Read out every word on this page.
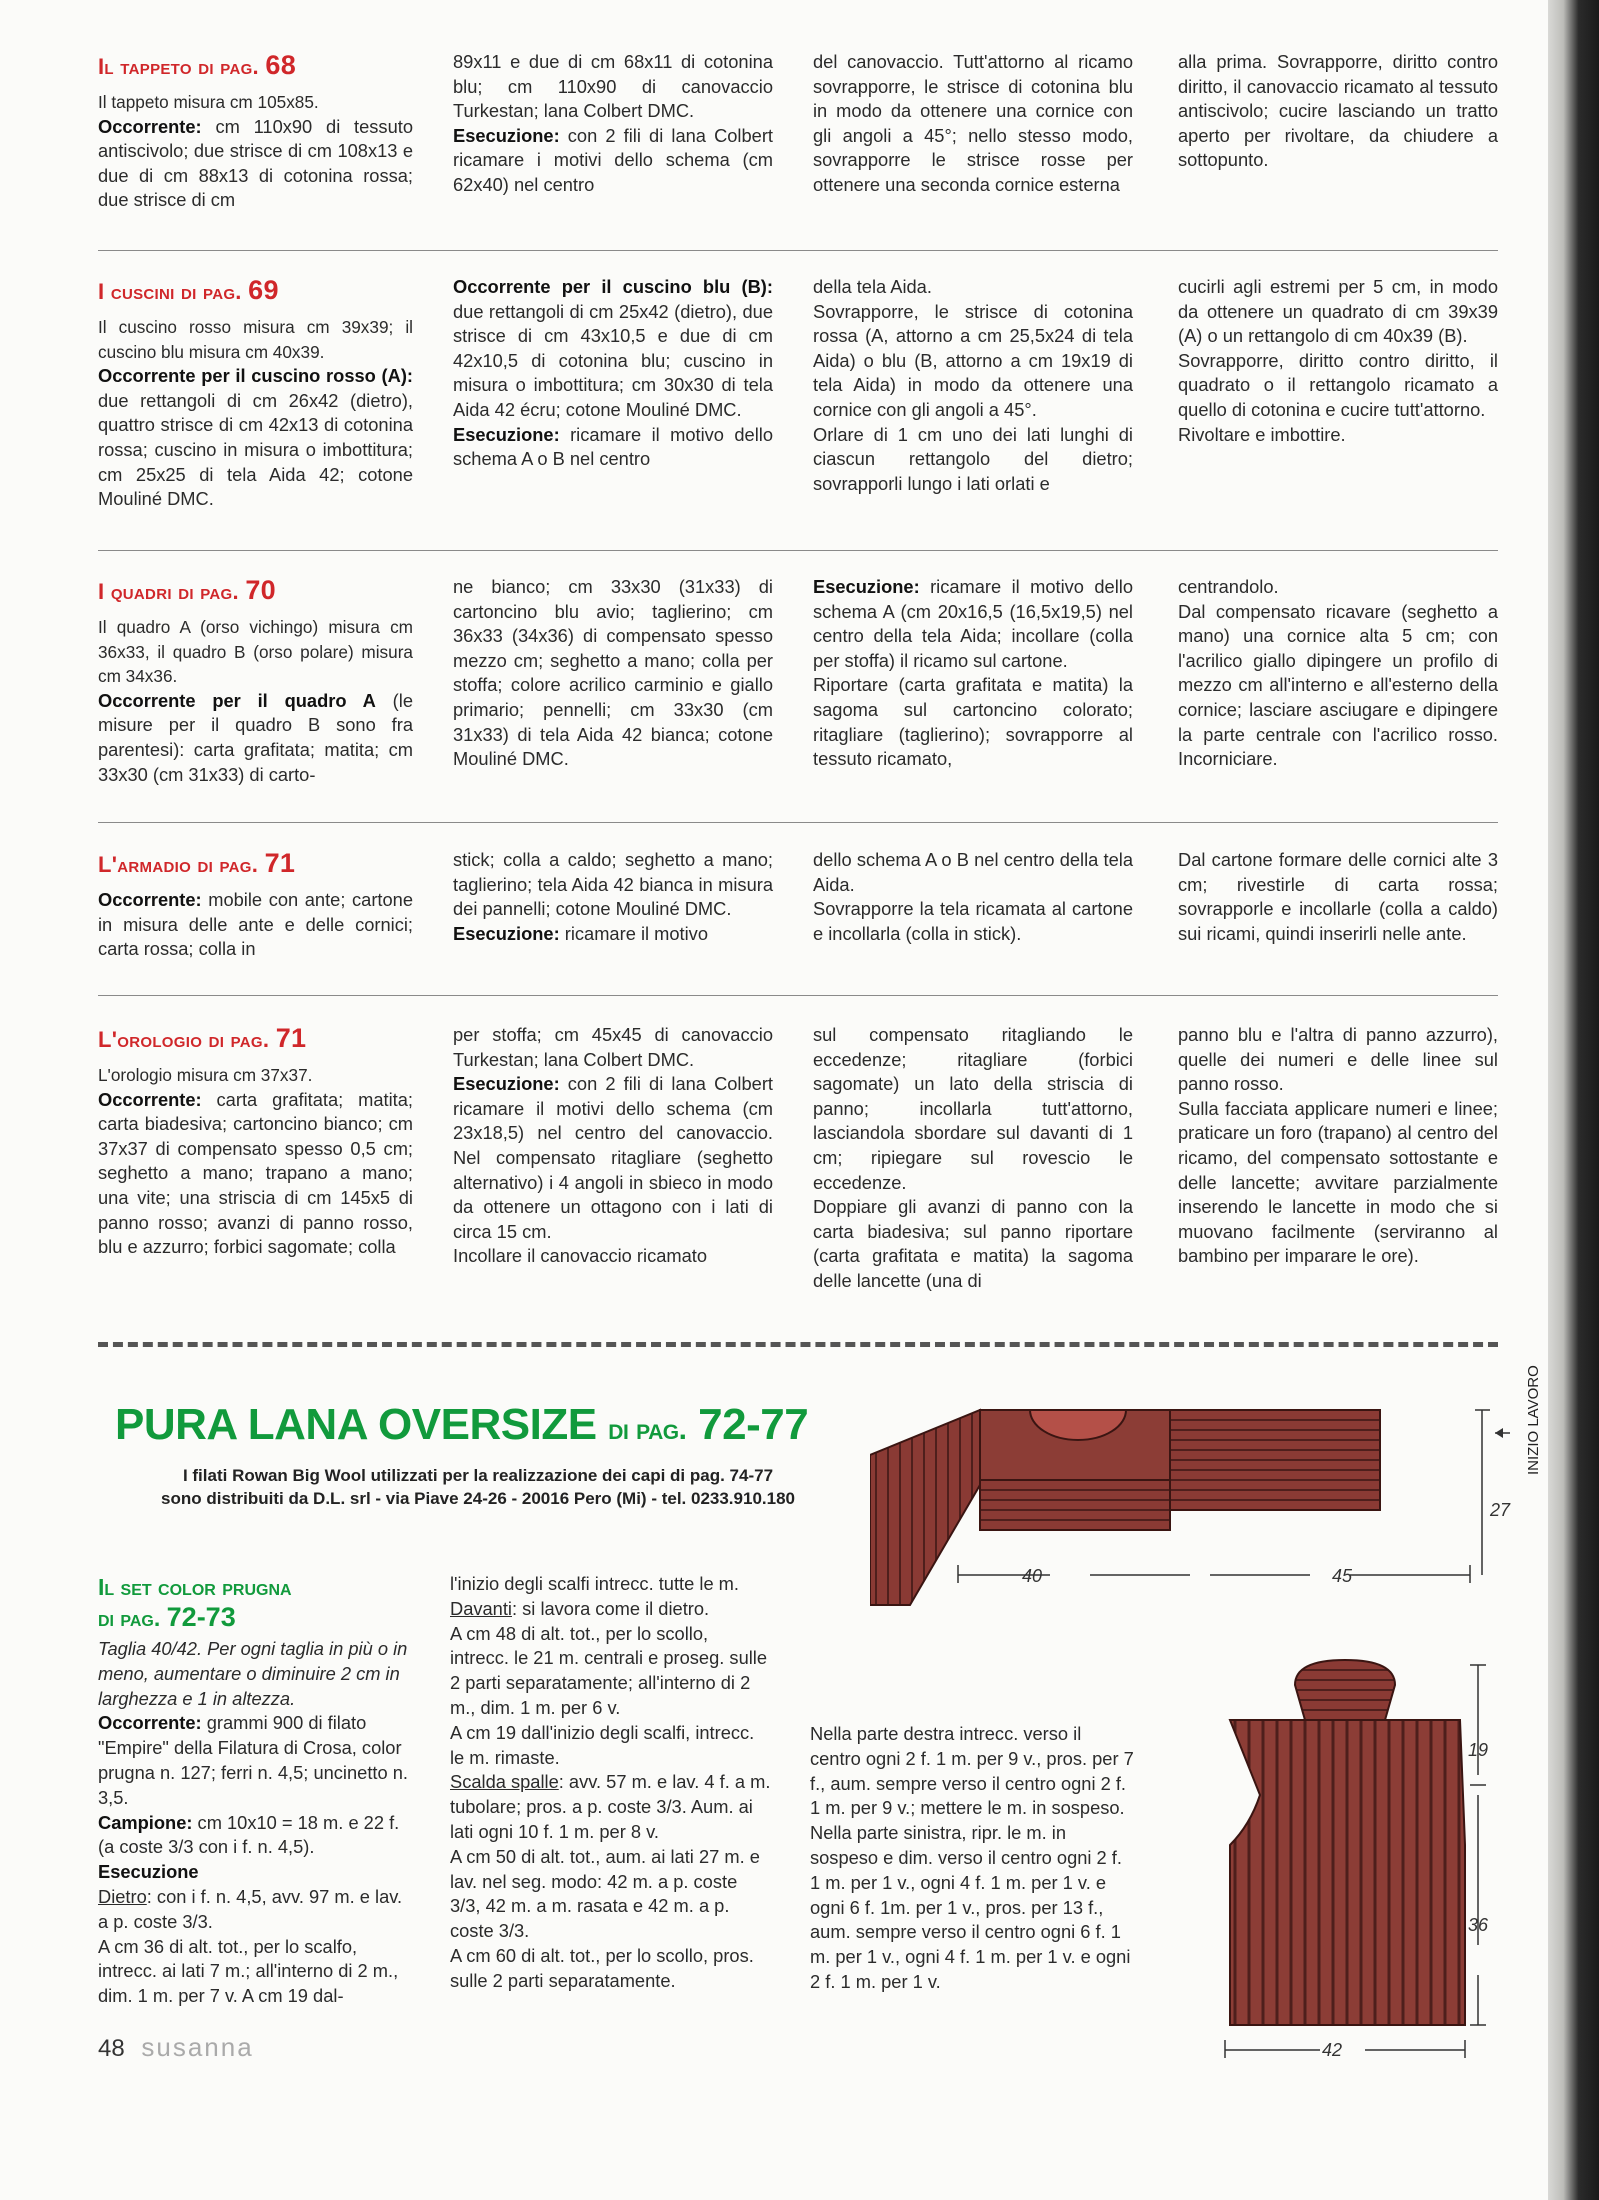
Il tappeto di pag. 68

Il tappeto misura cm 105x85.

Occorrente: cm 110x90 di tessuto antiscivolo; due strisce di cm 108x13 e due di cm 88x13 di cotonina rossa; due strisce di cm

89x11 e due di cm 68x11 di cotonina blu; cm 110x90 di canovaccio Turkestan; lana Colbert DMC.

Esecuzione: con 2 fili di lana Colbert ricamare i motivi dello schema (cm 62x40) nel centro

del canovaccio. Tutt'attorno al ricamo sovrapporre, le strisce di cotonina blu in modo da ottenere una cornice con gli angoli a 45°; nello stesso modo, sovrapporre le strisce rosse per ottenere una seconda cornice esterna

alla prima. Sovrapporre, diritto contro diritto, il canovaccio ricamato al tessuto antiscivolo; cucire lasciando un tratto aperto per rivoltare, da chiudere a sottopunto.

I cuscini di pag. 69

Il cuscino rosso misura cm 39x39; il cuscino blu misura cm 40x39.

Occorrente per il cuscino rosso (A): due rettangoli di cm 26x42 (dietro), quattro strisce di cm 42x13 di cotonina rossa; cuscino in misura o imbottitura; cm 25x25 di tela Aida 42; cotone Mouliné DMC.

Occorrente per il cuscino blu (B): due rettangoli di cm 25x42 (dietro), due strisce di cm 43x10,5 e due di cm 42x10,5 di cotonina blu; cuscino in misura o imbottitura; cm 30x30 di tela Aida 42 écru; cotone Mouliné DMC.

Esecuzione: ricamare il motivo dello schema A o B nel centro

della tela Aida.

Sovrapporre, le strisce di cotonina rossa (A, attorno a cm 25,5x24 di tela Aida) o blu (B, attorno a cm 19x19 di tela Aida) in modo da ottenere una cornice con gli angoli a 45°.

Orlare di 1 cm uno dei lati lunghi di ciascun rettangolo del dietro; sovrapporli lungo i lati orlati e

cucirli agli estremi per 5 cm, in modo da ottenere un quadrato di cm 39x39 (A) o un rettangolo di cm 40x39 (B).

Sovrapporre, diritto contro diritto, il quadrato o il rettangolo ricamato a quello di cotonina e cucire tutt'attorno.

Rivoltare e imbottire.

I quadri di pag. 70

Il quadro A (orso vichingo) misura cm 36x33, il quadro B (orso polare) misura cm 34x36.

Occorrente per il quadro A (le misure per il quadro B sono fra parentesi): carta grafitata; matita; cm 33x30 (cm 31x33) di carto-

ne bianco; cm 33x30 (31x33) di cartoncino blu avio; taglierino; cm 36x33 (34x36) di compensato spesso mezzo cm; seghetto a mano; colla per stoffa; colore acrilico carminio e giallo primario; pennelli; cm 33x30 (cm 31x33) di tela Aida 42 bianca; cotone Mouliné DMC.

Esecuzione: ricamare il motivo dello schema A (cm 20x16,5 (16,5x19,5) nel centro della tela Aida; incollare (colla per stoffa) il ricamo sul cartone.

Riportare (carta grafitata e matita) la sagoma sul cartoncino colorato; ritagliare (taglierino); sovrapporre al tessuto ricamato,

centrandolo.

Dal compensato ricavare (seghetto a mano) una cornice alta 5 cm; con l'acrilico giallo dipingere un profilo di mezzo cm all'interno e all'esterno della cornice; lasciare asciugare e dipingere la parte centrale con l'acrilico rosso. Incorniciare.

L'armadio di pag. 71

Occorrente: mobile con ante; cartone in misura delle ante e delle cornici; carta rossa; colla in

stick; colla a caldo; seghetto a mano; taglierino; tela Aida 42 bianca in misura dei pannelli; cotone Mouliné DMC.

Esecuzione: ricamare il motivo

dello schema A o B nel centro della tela Aida.

Sovrapporre la tela ricamata al cartone e incollarla (colla in stick).

Dal cartone formare delle cornici alte 3 cm; rivestirle di carta rossa; sovrapporle e incollarle (colla a caldo) sui ricami, quindi inserirli nelle ante.

L'orologio di pag. 71

L'orologio misura cm 37x37.

Occorrente: carta grafitata; matita; carta biadesiva; cartoncino bianco; cm 37x37 di compensato spesso 0,5 cm; seghetto a mano; trapano a mano; una vite; una striscia di cm 145x5 di panno rosso; avanzi di panno rosso, blu e azzurro; forbici sagomate; colla

per stoffa; cm 45x45 di canovaccio Turkestan; lana Colbert DMC.

Esecuzione: con 2 fili di lana Colbert ricamare il motivi dello schema (cm 23x18,5) nel centro del canovaccio. Nel compensato ritagliare (seghetto alternativo) i 4 angoli in sbieco in modo da ottenere un ottagono con i lati di circa 15 cm.

Incollare il canovaccio ricamato

sul compensato ritagliando le eccedenze; ritagliare (forbici sagomate) un lato della striscia di panno; incollarla tutt'attorno, lasciandola sbordare sul davanti di 1 cm; ripiegare sul rovescio le eccedenze.

Doppiare gli avanzi di panno con la carta biadesiva; sul panno riportare (carta grafitata e matita) la sagoma delle lancette (una di

panno blu e l'altra di panno azzurro), quelle dei numeri e delle linee sul panno rosso.

Sulla facciata applicare numeri e linee; praticare un foro (trapano) al centro del ricamo, del compensato sottostante e delle lancette; avvitare parzialmente inserendo le lancette in modo che si muovano facilmente (serviranno al bambino per imparare le ore).

PURA LANA OVERSIZE di pag. 72-77
I filati Rowan Big Wool utilizzati per la realizzazione dei capi di pag. 74-77
sono distribuiti da D.L. srl - via Piave 24-26 - 20016 Pero (Mi) - tel. 0233.910.180
Il set color prugna
di pag. 72-73

Taglia 40/42. Per ogni taglia in più o in meno, aumentare o diminuire 2 cm in larghezza e 1 in altezza.

Occorrente: grammi 900 di filato "Empire" della Filatura di Crosa, color prugna n. 127; ferri n. 4,5; uncinetto n. 3,5.

Campione: cm 10x10 = 18 m. e 22 f. (a coste 3/3 con i f. n. 4,5).

Esecuzione

Dietro: con i f. n. 4,5, avv. 97 m. e lav. a p. coste 3/3.

A cm 36 di alt. tot., per lo scalfo, intrecc. ai lati 7 m.; all'interno di 2 m., dim. 1 m. per 7 v. A cm 19 dal-

l'inizio degli scalfi intrecc. tutte le m.

Davanti: si lavora come il dietro.

A cm 48 di alt. tot., per lo scollo, intrecc. le 21 m. centrali e proseg. sulle 2 parti separatamente; all'interno di 2 m., dim. 1 m. per 6 v.

A cm 19 dall'inizio degli scalfi, intrecc. le m. rimaste.

Scalda spalle: avv. 57 m. e lav. 4 f. a m. tubolare; pros. a p. coste 3/3. Aum. ai lati ogni 10 f. 1 m. per 8 v.

A cm 50 di alt. tot., aum. ai lati 27 m. e lav. nel seg. modo: 42 m. a p. coste 3/3, 42 m. a m. rasata e 42 m. a p. coste 3/3.

A cm 60 di alt. tot., per lo scollo, pros. sulle 2 parti separatamente.

Nella parte destra intrecc. verso il centro ogni 2 f. 1 m. per 9 v., pros. per 7 f., aum. sempre verso il centro ogni 2 f. 1 m. per 9 v.; mettere le m. in sospeso.

Nella parte sinistra, ripr. le m. in sospeso e dim. verso il centro ogni 2 f. 1 m. per 1 v., ogni 4 f. 1 m. per 1 v. e ogni 6 f. 1m. per 1 v., pros. per 13 f., aum. sempre verso il centro ogni 6 f. 1 m. per 1 v., ogni 4 f. 1 m. per 1 v. e ogni 2 f. 1 m. per 1 v.

40	45
27
INIZIO LAVORO
19
36
42
48 susanna
